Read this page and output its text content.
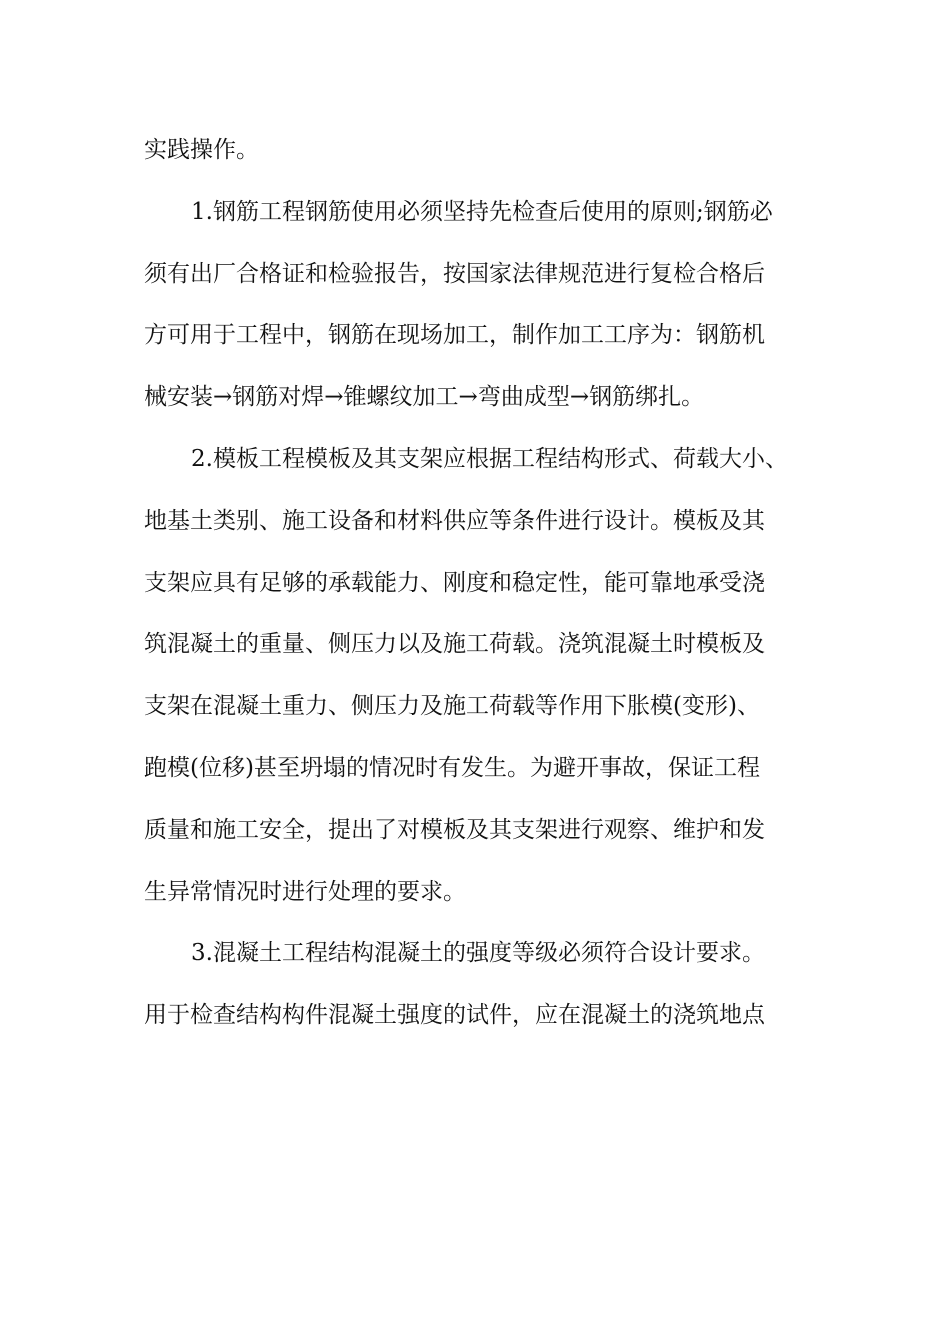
实践操作。
1.钢筋工程钢筋使用必须坚持先检查后使用的原则;钢筋必
须有出厂合格证和检验报告，按国家法律规范进行复检合格后
方可用于工程中，钢筋在现场加工，制作加工工序为：钢筋机
械安装→钢筋对焊→锥螺纹加工→弯曲成型→钢筋绑扎。
2.模板工程模板及其支架应根据工程结构形式、荷载大小、
地基土类别、施工设备和材料供应等条件进行设计。模板及其
支架应具有足够的承载能力、刚度和稳定性，能可靠地承受浇
筑混凝土的重量、侧压力以及施工荷载。浇筑混凝土时模板及
支架在混凝土重力、侧压力及施工荷载等作用下胀模(变形)、
跑模(位移)甚至坍塌的情况时有发生。为避开事故，保证工程
质量和施工安全，提出了对模板及其支架进行观察、维护和发
生异常情况时进行处理的要求。
3.混凝土工程结构混凝土的强度等级必须符合设计要求。
用于检查结构构件混凝土强度的试件，应在混凝土的浇筑地点
